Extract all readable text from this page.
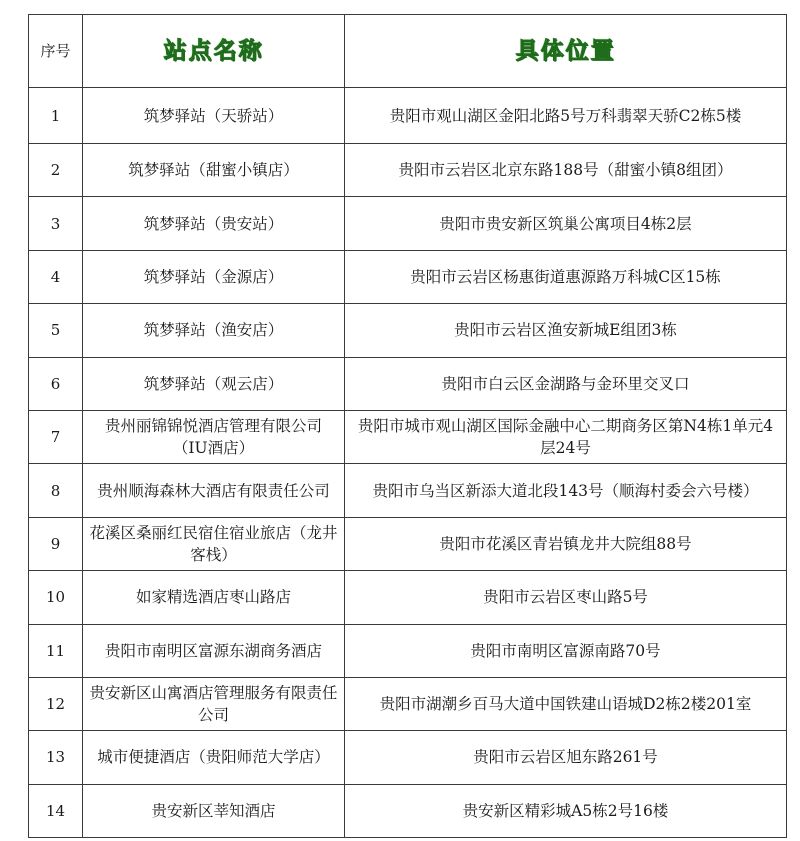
序号	站点名称	具体位置
1	筑梦驿站（天骄站）	贵阳市观山湖区金阳北路5号万科翡翠天骄C2栋5楼
2	筑梦驿站（甜蜜小镇店）	贵阳市云岩区北京东路188号（甜蜜小镇8组团）
3	筑梦驿站（贵安站）	贵阳市贵安新区筑巢公寓项目4栋2层
4	筑梦驿站（金源店）	贵阳市云岩区杨惠街道惠源路万科城C区15栋
5	筑梦驿站（渔安店）	贵阳市云岩区渔安新城E组团3栋
6	筑梦驿站（观云店）	贵阳市白云区金湖路与金环里交叉口
7	贵州丽锦锦悦酒店管理有限公司（IU酒店）	贵阳市城市观山湖区国际金融中心二期商务区第N4栋1单元4层24号
8	贵州顺海森林大酒店有限责任公司	贵阳市乌当区新添大道北段143号（顺海村委会六号楼）
9	花溪区桑丽红民宿住宿业旅店（龙井客栈）	贵阳市花溪区青岩镇龙井大院组88号
10	如家精选酒店枣山路店	贵阳市云岩区枣山路5号
11	贵阳市南明区富源东湖商务酒店	贵阳市南明区富源南路70号
12	贵安新区山寓酒店管理服务有限责任公司	贵阳市湖潮乡百马大道中国铁建山语城D2栋2楼201室
13	城市便捷酒店（贵阳师范大学店）	贵阳市云岩区旭东路261号
14	贵安新区莘知酒店	贵安新区精彩城A5栋2号16楼
